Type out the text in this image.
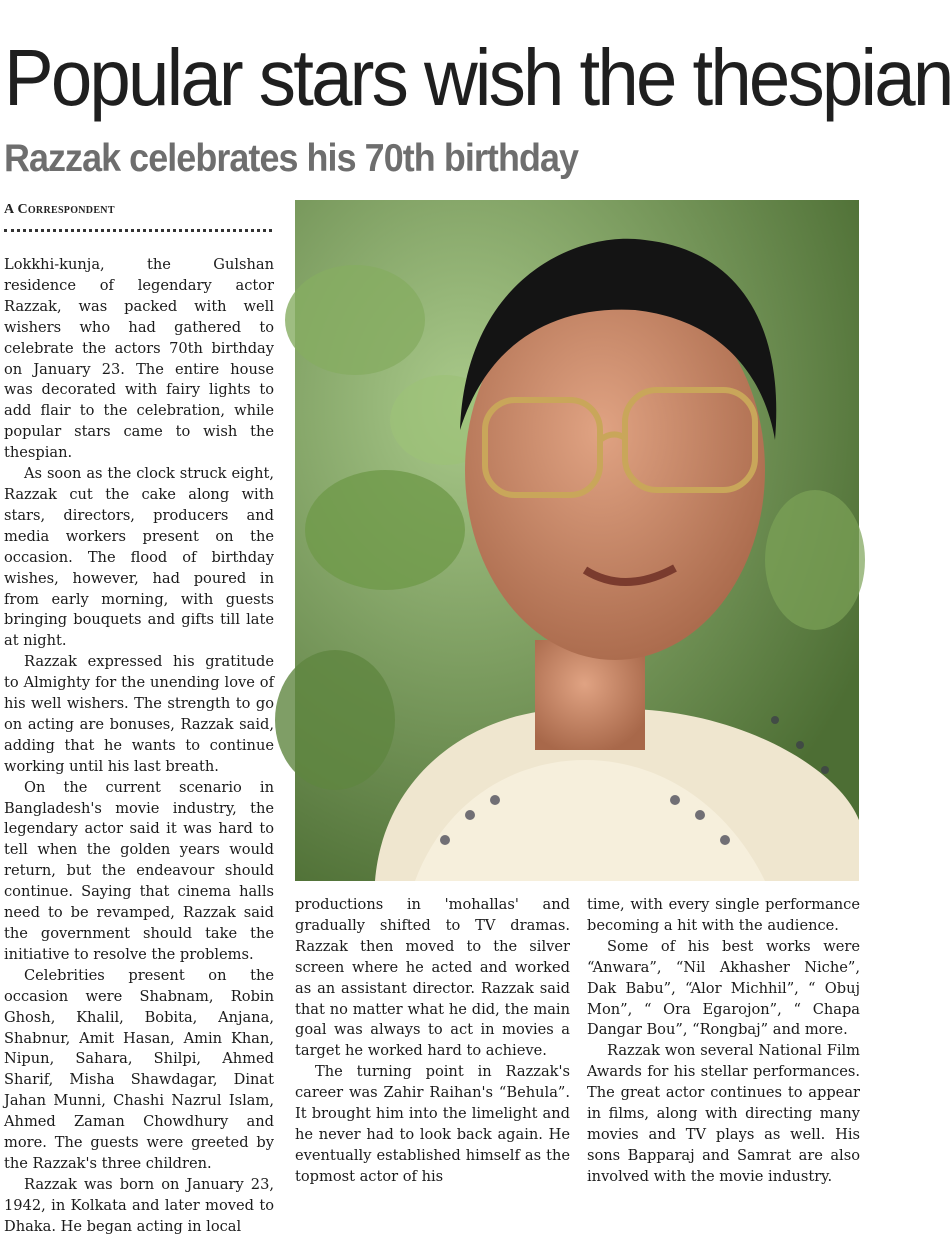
Popular stars wish the thespian
Razzak celebrates his 70th birthday
A Correspondent

Lokkhi-kunja, the Gulshan residence of legendary actor Razzak, was packed with well wishers who had gathered to celebrate the actors 70th birthday on January 23. The entire house was decorated with fairy lights to add flair to the celebration, while popular stars came to wish the thespian.

As soon as the clock struck eight, Razzak cut the cake along with stars, directors, producers and media workers present on the occasion. The flood of birthday wishes, however, had poured in from early morning, with guests bringing bouquets and gifts till late at night.

Razzak expressed his gratitude to Almighty for the unending love of his well wishers. The strength to go on acting are bonuses, Razzak said, adding that he wants to continue working until his last breath.

On the current scenario in Bangladesh's movie industry, the legendary actor said it was hard to tell when the golden years would return, but the endeavour should continue. Saying that cinema halls need to be revamped, Razzak said the government should take the initiative to resolve the problems.

Celebrities present on the occasion were Shabnam, Robin Ghosh, Khalil, Bobita, Anjana, Shabnur, Amit Hasan, Amin Khan, Nipun, Sahara, Shilpi, Ahmed Sharif, Misha Shawdagar, Dinat Jahan Munni, Chashi Nazrul Islam, Ahmed Zaman Chowdhury and more. The guests were greeted by the Razzak's three children.

Razzak was born on January 23, 1942, in Kolkata and later moved to Dhaka. He began acting in local

productions in 'mohallas' and gradually shifted to TV dramas. Razzak then moved to the silver screen where he acted and worked as an assistant director. Razzak said that no matter what he did, the main goal was always to act in movies a target he worked hard to achieve.

The turning point in Razzak's career was Zahir Raihan's “Behula”. It brought him into the limelight and he never had to look back again. He eventually established himself as the topmost actor of his

time, with every single performance becoming a hit with the audience.

Some of his best works were “Anwara”, “Nil Akhasher Niche”, Dak Babu”, “Alor Michhil”, “ Obuj Mon”, “ Ora Egarojon”, “ Chapa Dangar Bou”, “Rongbaj” and more.

Razzak won several National Film Awards for his stellar performances. The great actor continues to appear in films, along with directing many movies and TV plays as well. His sons Bapparaj and Samrat are also involved with the movie industry.
